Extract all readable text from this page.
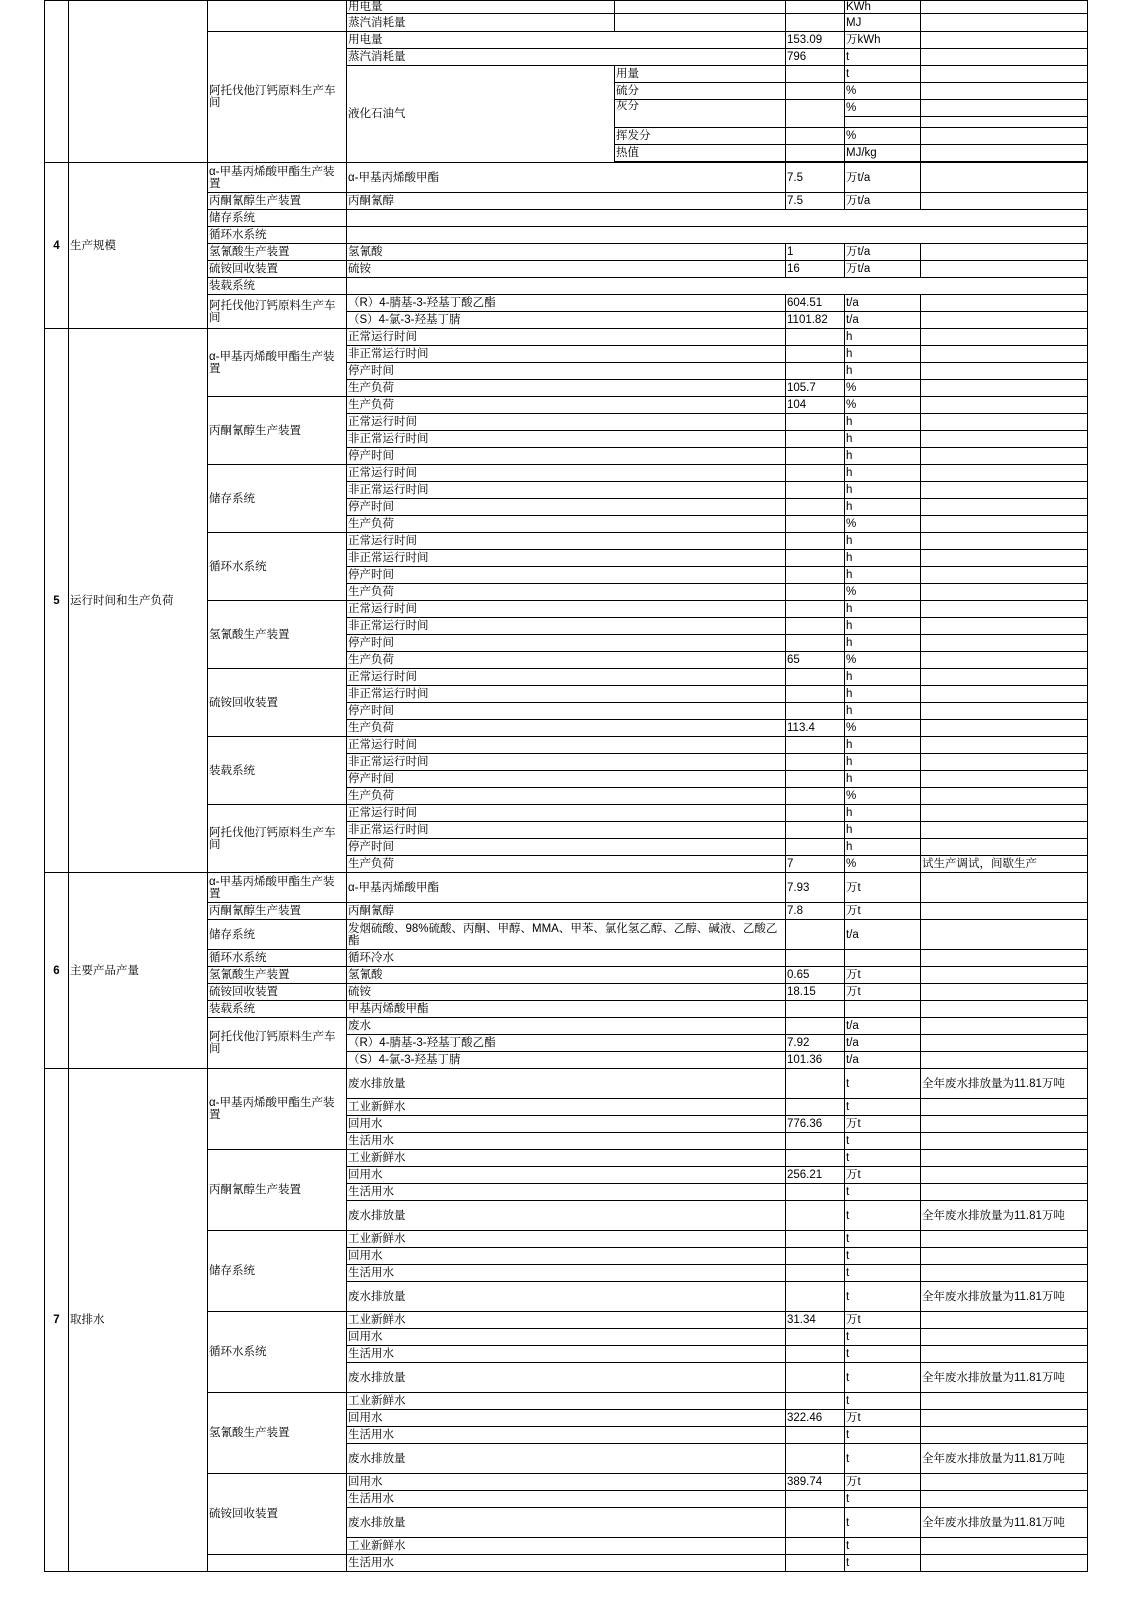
			用电量			KWh	
			蒸汽消耗量			MJ	
		阿托伐他汀钙原料生产车间	用电量		153.09	万kWh	
			蒸汽消耗量		796	t	
			液化石油气	用量		t	
				硫分		%	
				灰分		%	

				挥发分		%	
				热值		MJ/kg	

4	生产规模	α-甲基丙烯酸甲酯生产装置	α-甲基丙烯酸甲酯		7.5	万t/a	
		丙酮氰醇生产装置	丙酮氰醇		7.5	万t/a	
		储存系统					
		循环水系统					
		氢氰酸生产装置	氢氰酸		1	万t/a	
		硫铵回收装置	硫铵		16	万t/a	
		装载系统					
		阿托伐他汀钙原料生产车间	（R）4-腈基-3-羟基丁酸乙酯		604.51	t/a	
			（S）4-氯-3-羟基丁腈		1101.82	t/a	
5	运行时间和生产负荷	α-甲基丙烯酸甲酯生产装置	正常运行时间			h	
			非正常运行时间			h	
			停产时间			h	
			生产负荷		105.7	%	
		丙酮氰醇生产装置	生产负荷		104	%	
			正常运行时间			h	
			非正常运行时间			h	
			停产时间			h	
		储存系统	正常运行时间			h	
			非正常运行时间			h	
			停产时间			h	
			生产负荷			%	
		循环水系统	正常运行时间			h	
			非正常运行时间			h	
			停产时间			h	
			生产负荷			%	
		氢氰酸生产装置	正常运行时间			h	
			非正常运行时间			h	
			停产时间			h	
			生产负荷		65	%	
		硫铵回收装置	正常运行时间			h	
			非正常运行时间			h	
			停产时间			h	
			生产负荷		113.4	%	
		装载系统	正常运行时间			h	
			非正常运行时间			h	
			停产时间			h	
			生产负荷			%	
		阿托伐他汀钙原料生产车间	正常运行时间			h	
			非正常运行时间			h	
			停产时间			h	
			生产负荷		7	%	试生产调试，间歇生产
6	主要产品产量	α-甲基丙烯酸甲酯生产装置	α-甲基丙烯酸甲酯		7.93	万t	
		丙酮氰醇生产装置	丙酮氰醇		7.8	万t	
		储存系统	发烟硫酸、98%硫酸、丙酮、甲醇、MMA、甲苯、氯化氢乙醇、乙醇、碱液、乙酸乙酯			t/a	
		循环水系统	循环冷水				
		氢氰酸生产装置	氢氰酸		0.65	万t	
		硫铵回收装置	硫铵		18.15	万t	
		装载系统	甲基丙烯酸甲酯				
		阿托伐他汀钙原料生产车间	废水			t/a	
			（R）4-腈基-3-羟基丁酸乙酯		7.92	t/a	
			（S）4-氯-3-羟基丁腈		101.36	t/a	
7	取排水	α-甲基丙烯酸甲酯生产装置	废水排放量			t	全年废水排放量为11.81万吨
			工业新鲜水			t	
			回用水		776.36	万t	
			生活用水			t	
		丙酮氰醇生产装置	工业新鲜水			t	
			回用水		256.21	万t	
			生活用水			t	
			废水排放量			t	全年废水排放量为11.81万吨
		储存系统	工业新鲜水			t	
			回用水			t	
			生活用水			t	
			废水排放量			t	全年废水排放量为11.81万吨
		循环水系统	工业新鲜水		31.34	万t	
			回用水			t	
			生活用水			t	
			废水排放量			t	全年废水排放量为11.81万吨
		氢氰酸生产装置	工业新鲜水			t	
			回用水		322.46	万t	
			生活用水			t	
			废水排放量			t	全年废水排放量为11.81万吨
		硫铵回收装置	回用水		389.74	万t	
			生活用水			t	
			废水排放量			t	全年废水排放量为11.81万吨
			工业新鲜水			t	
			生活用水			t	
